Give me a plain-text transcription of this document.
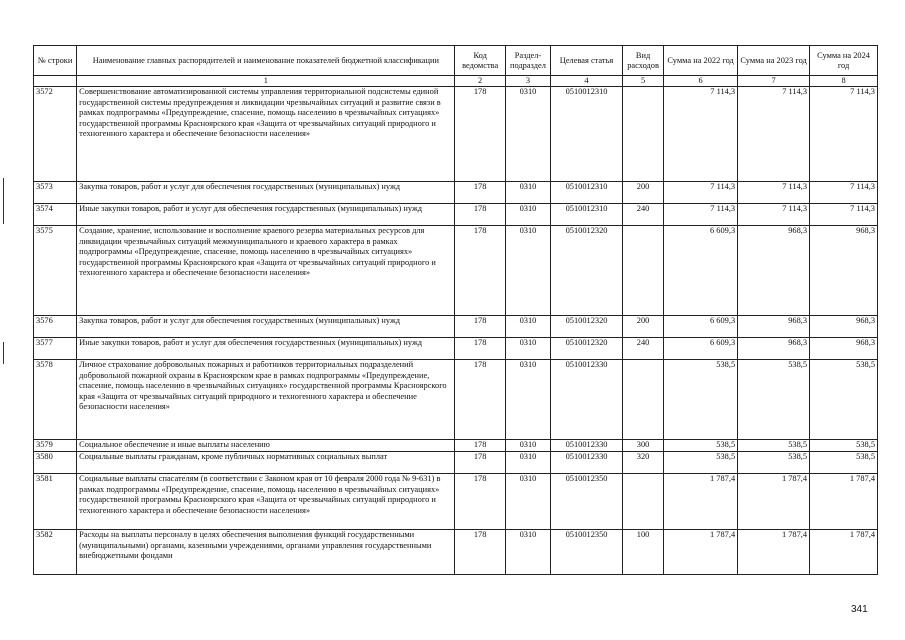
№ строки	Наименование главных распорядителей и наименование показателей бюджетной классификации	Код ведомства	Раздел-подраздел	Целевая статья	Вид расходов	Сумма на 2022 год	Сумма на 2023 год	Сумма на 2024 год
	1	2	3	4	5	6	7	8
3572	Совершенствование автоматизированной системы управления территориальной подсистемы единой государственной системы предупреждения и ликвидации чрезвычайных ситуаций и развитие связи в рамках подпрограммы «Предупреждение, спасение, помощь населению в чрезвычайных ситуациях» государственной программы Красноярского края «Защита от чрезвычайных ситуаций природного и техногенного характера и обеспечение безопасности населения»	178	0310	0510012310		7 114,3	7 114,3	7 114,3
3573	Закупка товаров, работ и услуг для обеспечения государственных (муниципальных) нужд	178	0310	0510012310	200	7 114,3	7 114,3	7 114,3
3574	Иные закупки товаров, работ и услуг для обеспечения государственных (муниципальных) нужд	178	0310	0510012310	240	7 114,3	7 114,3	7 114,3
3575	Создание, хранение, использование и восполнение краевого резерва материальных ресурсов для ликвидации чрезвычайных ситуаций межмуниципального и краевого характера в рамках подпрограммы «Предупреждение, спасение, помощь населению в чрезвычайных ситуациях» государственной программы Красноярского края «Защита от чрезвычайных ситуаций природного и техногенного характера и обеспечение безопасности населения»	178	0310	0510012320		6 609,3	968,3	968,3
3576	Закупка товаров, работ и услуг для обеспечения государственных (муниципальных) нужд	178	0310	0510012320	200	6 609,3	968,3	968,3
3577	Иные закупки товаров, работ и услуг для обеспечения государственных (муниципальных) нужд	178	0310	0510012320	240	6 609,3	968,3	968,3
3578	Личное страхование добровольных пожарных и работников территориальных подразделений добровольной пожарной охраны в Красноярском крае в рамках подпрограммы «Предупреждение, спасение, помощь населению в чрезвычайных ситуациях» государственной программы Красноярского края «Защита от чрезвычайных ситуаций природного и техногенного характера и обеспечение безопасности населения»	178	0310	0510012330		538,5	538,5	538,5
3579	Социальное обеспечение и иные выплаты населению	178	0310	0510012330	300	538,5	538,5	538,5
3580	Социальные выплаты гражданам, кроме публичных нормативных социальных выплат	178	0310	0510012330	320	538,5	538,5	538,5
3581	Социальные выплаты спасателям (в соответствии с Законом края от 10 февраля 2000 года № 9-631) в рамках подпрограммы «Предупреждение, спасение, помощь населению в чрезвычайных ситуациях» государственной программы Красноярского края «Защита от чрезвычайных ситуаций природного и техногенного характера и обеспечение безопасности населения»	178	0310	0510012350		1 787,4	1 787,4	1 787,4
3582	Расходы на выплаты персоналу в целях обеспечения выполнения функций государственными (муниципальными) органами, казенными учреждениями, органами управления государственными внебюджетными фондами	178	0310	0510012350	100	1 787,4	1 787,4	1 787,4
341
